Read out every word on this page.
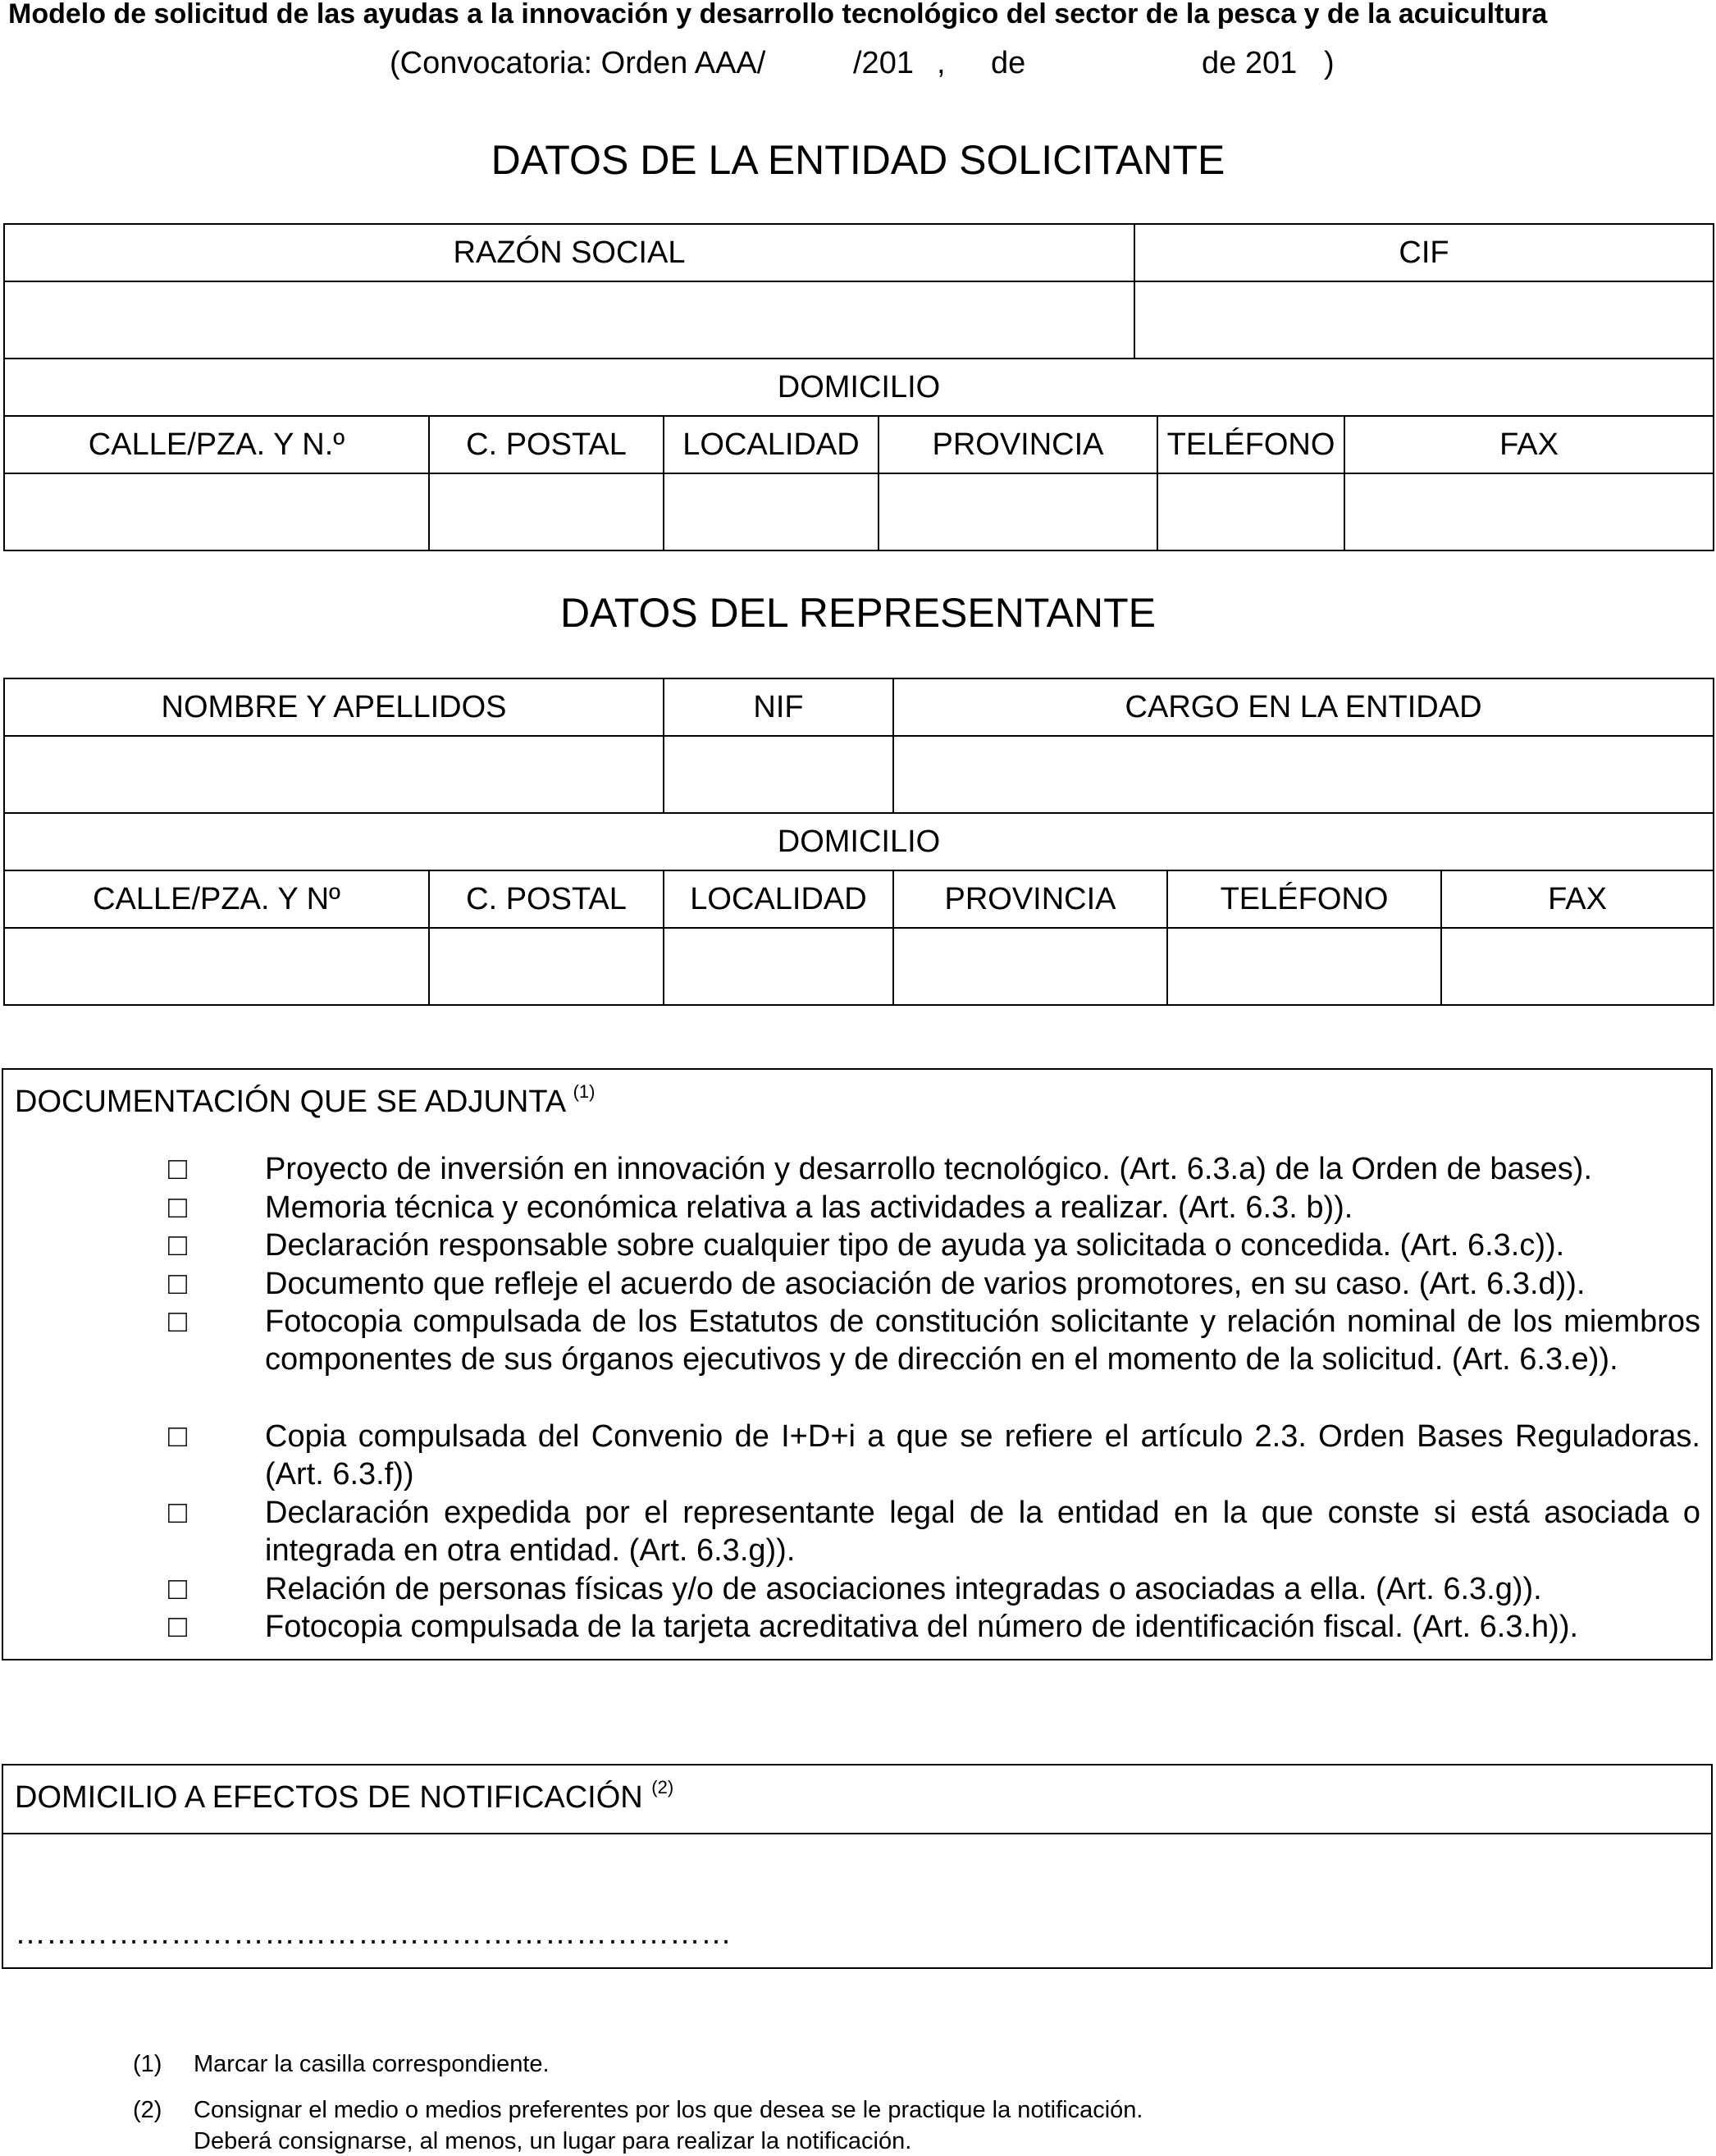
Modelo de solicitud de las ayudas a la innovación y desarrollo tecnológico del sector de la pesca y de la acuicultura
(Convocatoria: Orden AAA/	/201 , de	de 201 )
DATOS DE LA ENTIDAD SOLICITANTE
RAZÓN SOCIAL				CIF		

DOMICILIO						
CALLE/PZA. Y N.º	C. POSTAL	LOCALIDAD	PROVINCIA		TELÉFONO	FAX

DATOS DEL REPRESENTANTE
NOMBRE Y APELLIDOS		NIF	CARGO EN LA ENTIDAD		

DOMICILIO					
CALLE/PZA. Y Nº	C. POSTAL	LOCALIDAD	PROVINCIA	TELÉFONO	FAX

DOCUMENTACIÓN QUE SE ADJUNTA $^{(1)}$
□	Proyecto de inversión en innovación y desarrollo tecnológico. (Art. 6.3.a) de la Orden de bases).
□	Memoria técnica y económica relativa a las actividades a realizar. (Art. 6.3. b)).
□	Declaración responsable sobre cualquier tipo de ayuda ya solicitada o concedida. (Art. 6.3.c)).
□	Documento que refleje el acuerdo de asociación de varios promotores, en su caso. (Art. 6.3.d)).
□	Fotocopia compulsada de los Estatutos de constitución solicitante y relación nominal de los miembros componentes de sus órganos ejecutivos y de dirección en el momento de la solicitud. (Art. 6.3.e)).
□	Copia compulsada del Convenio de I+D+i a que se refiere el artículo 2.3. Orden Bases Reguladoras. (Art. 6.3.f))
□	Declaración expedida por el representante legal de la entidad en la que conste si está asociada o integrada en otra entidad. (Art. 6.3.g)).
□	Relación de personas físicas y/o de asociaciones integradas o asociadas a ella. (Art. 6.3.g)).
□	Fotocopia compulsada de la tarjeta acreditativa del número de identificación fiscal. (Art. 6.3.h)).
DOMICILIO A EFECTOS DE NOTIFICACIÓN $^{(2)}$
……………………………………………………………
(1) Marcar la casilla correspondiente.
(2) Consignar el medio o medios preferentes por los que desea se le practique la notificación.
Deberá consignarse, al menos, un lugar para realizar la notificación.
